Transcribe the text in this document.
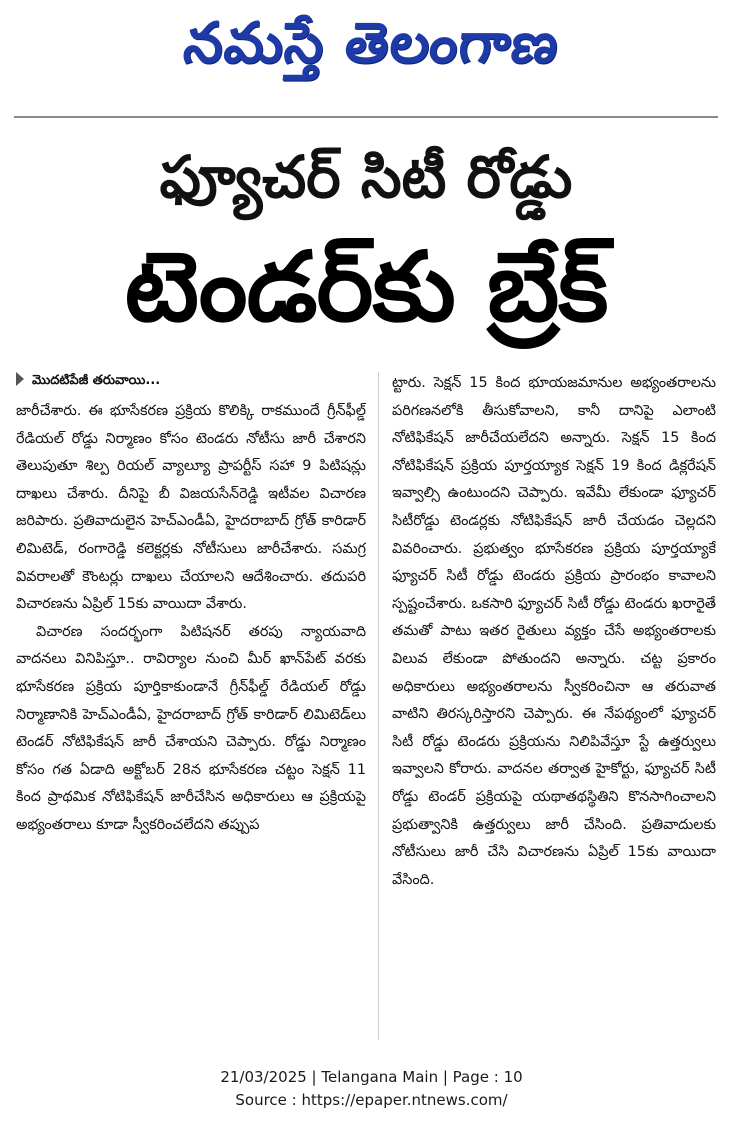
నమస్తే తెలంగాణ
ఫ్యూచర్‌ సిటీ రోడ్డు
టెండర్‌కు బ్రేక్‌
మొదటిపేజీ తరువాయి...

జారీచేశారు. ఈ భూసేకరణ ప్రక్రియ కొలిక్కి రాకముందే గ్రీన్‌ఫీల్డ్‌ రేడియల్‌ రోడ్డు నిర్మాణం కోసం టెండరు నోటీసు జారీ చేశారని తెలుపుతూ శిల్ప రియల్‌ వ్యాల్యూ ప్రాపర్టీస్‌ సహా 9 పిటిషన్లు దాఖలు చేశారు. దీనిపై బీ విజయసేన్‌రెడ్డి ఇటీవల విచారణ జరిపారు. ప్రతివాదులైన హెచ్‌ఎండీఏ, హైదరాబాద్‌ గ్రోత్‌ కారిడార్‌ లిమిటెడ్‌, రంగారెడ్డి కలెక్టర్లకు నోటీసులు జారీచేశారు. సమగ్ర వివరాలతో కౌంటర్లు దాఖలు చేయాలని ఆదేశించారు. తదుపరి విచారణను ఏప్రిల్‌ 15కు వాయిదా వేశారు.

విచారణ సందర్భంగా పిటిషనర్‌ తరపు న్యాయవాది వాదనలు వినిపిస్తూ.. రావిర్యాల నుంచి మీర్‌ ఖాన్‌పేట్‌ వరకు భూసేకరణ ప్రక్రియ పూర్తికాకుండానే గ్రీన్‌ఫీల్డ్‌ రేడియల్‌ రోడ్డు నిర్మాణానికి హెచ్‌ఎండీఏ, హైదరాబాద్‌ గ్రోత్‌ కారిడార్‌ లిమిటెడ్‌లు టెండర్‌ నోటిఫికేషన్‌ జారీ చేశాయని చెప్పారు. రోడ్డు నిర్మాణం కోసం గత ఏడాది అక్టోబర్‌ 28న భూసేకరణ చట్టం సెక్షన్‌ 11 కింద ప్రాథమిక నోటిఫికేషన్‌ జారీచేసిన అధికారులు ఆ ప్రక్రియపై అభ్యంతరాలు కూడా స్వీకరించలేదని తప్పుప

ట్టారు. సెక్షన్‌ 15 కింద భూయజమానుల అభ్యంతరాలను పరిగణనలోకి తీసుకోవాలని, కానీ దానిపై ఎలాంటి నోటిఫికేషన్‌ జారీచేయలేదని అన్నారు. సెక్షన్‌ 15 కింద నోటిఫికేషన్‌ ప్రక్రియ పూర్తయ్యాక సెక్షన్‌ 19 కింద డిక్లరేషన్‌ ఇవ్వాల్సి ఉంటుందని చెప్పారు. ఇవేమీ లేకుండా ఫ్యూచర్‌ సిటీరోడ్డు టెండర్లకు నోటిఫికేషన్‌ జారీ చేయడం చెల్లదని వివరించారు. ప్రభుత్వం భూసేకరణ ప్రక్రియ పూర్తయ్యాకే ఫ్యూచర్‌ సిటీ రోడ్డు టెండరు ప్రక్రియ ప్రారంభం కావాలని స్పష్టంచేశారు. ఒకసారి ఫ్యూచర్‌ సిటీ రోడ్డు టెండరు ఖరారైతే తమతో పాటు ఇతర రైతులు వ్యక్తం చేసే అభ్యంతరాలకు విలువ లేకుండా పోతుందని అన్నారు. చట్ట ప్రకారం అధికారులు అభ్యంతరాలను స్వీకరించినా ఆ తరువాత వాటిని తిరస్కరిస్తారని చెప్పారు. ఈ నేపథ్యంలో ఫ్యూచర్‌ సిటీ రోడ్డు టెండరు ప్రక్రియను నిలిపివేస్తూ స్టే ఉత్తర్వులు ఇవ్వాలని కోరారు. వాదనల తర్వాత హైకోర్టు, ఫ్యూచర్‌ సిటీ రోడ్డు టెండర్‌ ప్రక్రియపై యథాతథస్థితిని కొనసాగించాలని ప్రభుత్వానికి ఉత్తర్వులు జారీ చేసింది. ప్రతివాదులకు నోటీసులు జారీ చేసి విచారణను ఏప్రిల్‌ 15కు వాయిదా వేసింది.

21/03/2025 | Telangana Main | Page : 10
Source : https://epaper.ntnews.com/
